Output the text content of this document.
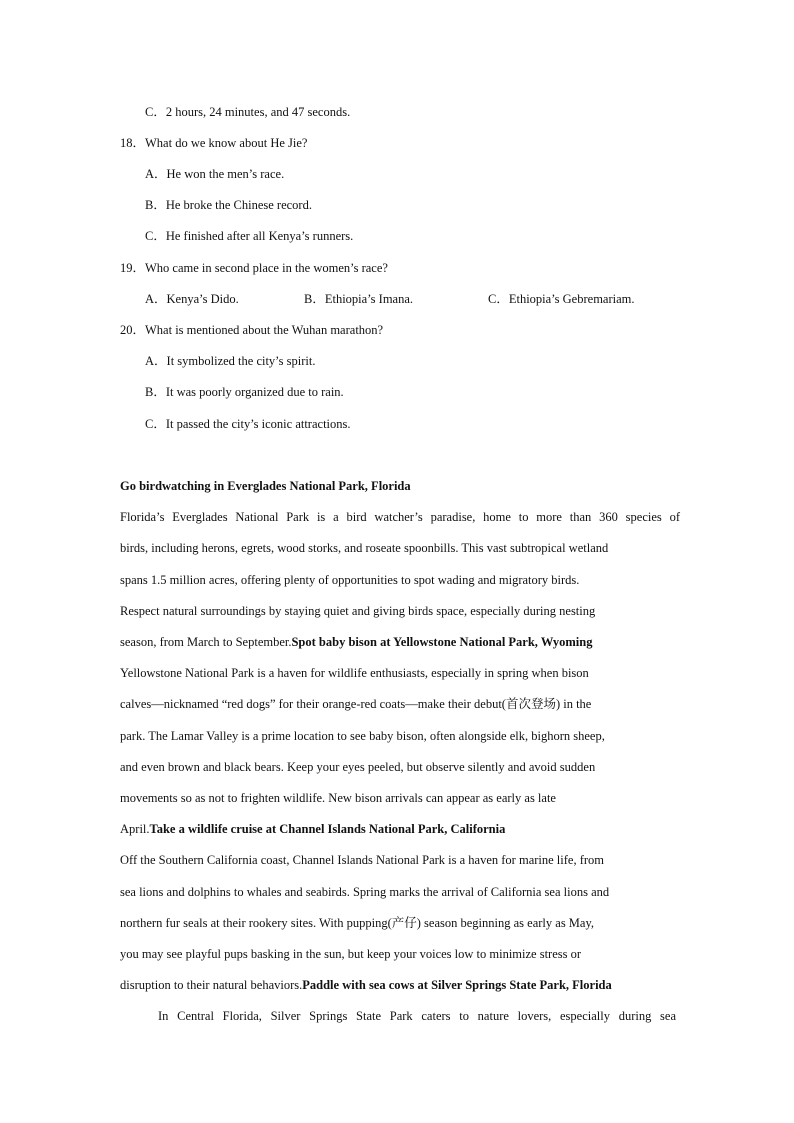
C．2 hours, 24 minutes, and 47 seconds.
18．What do we know about He Jie?
A．He won the men’s race.
B．He broke the Chinese record.
C．He finished after all Kenya’s runners.
19．Who came in second place in the women’s race?
A．Kenya’s Dido.	B．Ethiopia’s Imana.	C．Ethiopia’s Gebremariam.
20．What is mentioned about the Wuhan marathon?
A．It symbolized the city’s spirit.
B．It was poorly organized due to rain.
C．It passed the city’s iconic attractions.
Go birdwatching in Everglades National Park, Florida
Florida’s Everglades National Park is a bird watcher’s paradise, home to more than 360 species of
birds, including herons, egrets, wood storks, and roseate spoonbills. This vast subtropical wetland
spans 1.5 million acres, offering plenty of opportunities to spot wading and migratory birds.
Respect natural surroundings by staying quiet and giving birds space, especially during nesting
season, from March to September.Spot baby bison at Yellowstone National Park, Wyoming
Yellowstone National Park is a haven for wildlife enthusiasts, especially in spring when bison
calves—nicknamed “red dogs” for their orange-red coats—make their debut(首次登场) in the
park. The Lamar Valley is a prime location to see baby bison, often alongside elk, bighorn sheep,
and even brown and black bears. Keep your eyes peeled, but observe silently and avoid sudden
movements so as not to frighten wildlife. New bison arrivals can appear as early as late
April.Take a wildlife cruise at Channel Islands National Park, California
Off the Southern California coast, Channel Islands National Park is a haven for marine life, from
sea lions and dolphins to whales and seabirds. Spring marks the arrival of California sea lions and
northern fur seals at their rookery sites. With pupping(产仔) season beginning as early as May,
you may see playful pups basking in the sun, but keep your voices low to minimize stress or
disruption to their natural behaviors.Paddle with sea cows at Silver Springs State Park, Florida
In Central Florida, Silver Springs State Park caters to nature lovers, especially during sea
